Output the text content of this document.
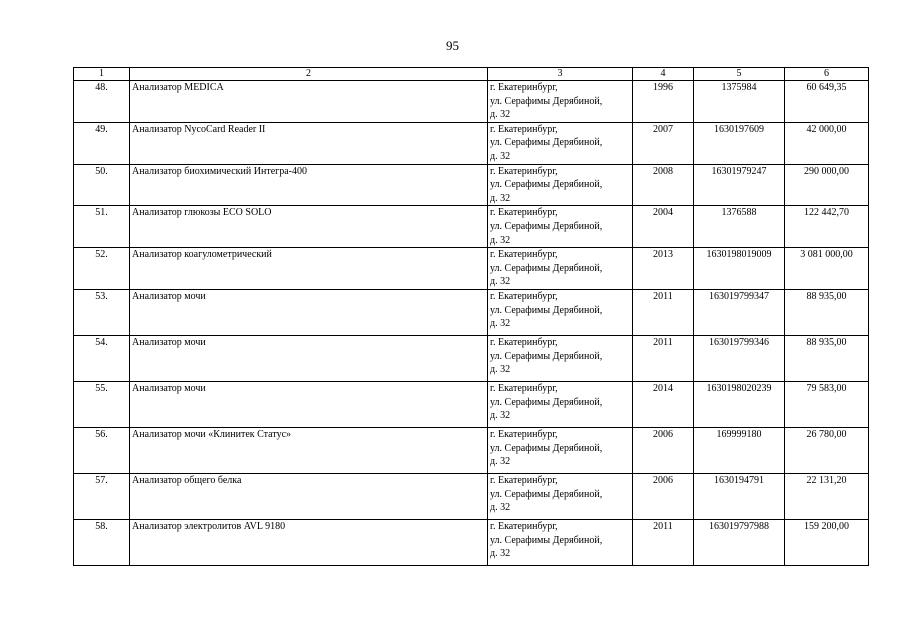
95
1	2	3	4	5	6
48.	Анализатор MEDICA	г. Екатеринбург,
ул. Серафимы Дерябиной,
д. 32	1996	1375984	60 649,35
49.	Анализатор NycoCard Reader II	г. Екатеринбург,
ул. Серафимы Дерябиной,
д. 32	2007	1630197609	42 000,00
50.	Анализатор биохимический Интегра-400	г. Екатеринбург,
ул. Серафимы Дерябиной,
д. 32	2008	16301979247	290 000,00
51.	Анализатор глюкозы ECO SOLO	г. Екатеринбург,
ул. Серафимы Дерябиной,
д. 32	2004	1376588	122 442,70
52.	Анализатор коагулометрический	г. Екатеринбург,
ул. Серафимы Дерябиной,
д. 32	2013	1630198019009	3 081 000,00
53.	Анализатор мочи	г. Екатеринбург,
ул. Серафимы Дерябиной,
д. 32	2011	163019799347	88 935,00
54.	Анализатор мочи	г. Екатеринбург,
ул. Серафимы Дерябиной,
д. 32	2011	163019799346	88 935,00
55.	Анализатор мочи	г. Екатеринбург,
ул. Серафимы Дерябиной,
д. 32	2014	1630198020239	79 583,00
56.	Анализатор мочи «Клинитек Статус»	г. Екатеринбург,
ул. Серафимы Дерябиной,
д. 32	2006	169999180	26 780,00
57.	Анализатор общего белка	г. Екатеринбург,
ул. Серафимы Дерябиной,
д. 32	2006	1630194791	22 131,20
58.	Анализатор электролитов AVL 9180	г. Екатеринбург,
ул. Серафимы Дерябиной,
д. 32	2011	163019797988	159 200,00
